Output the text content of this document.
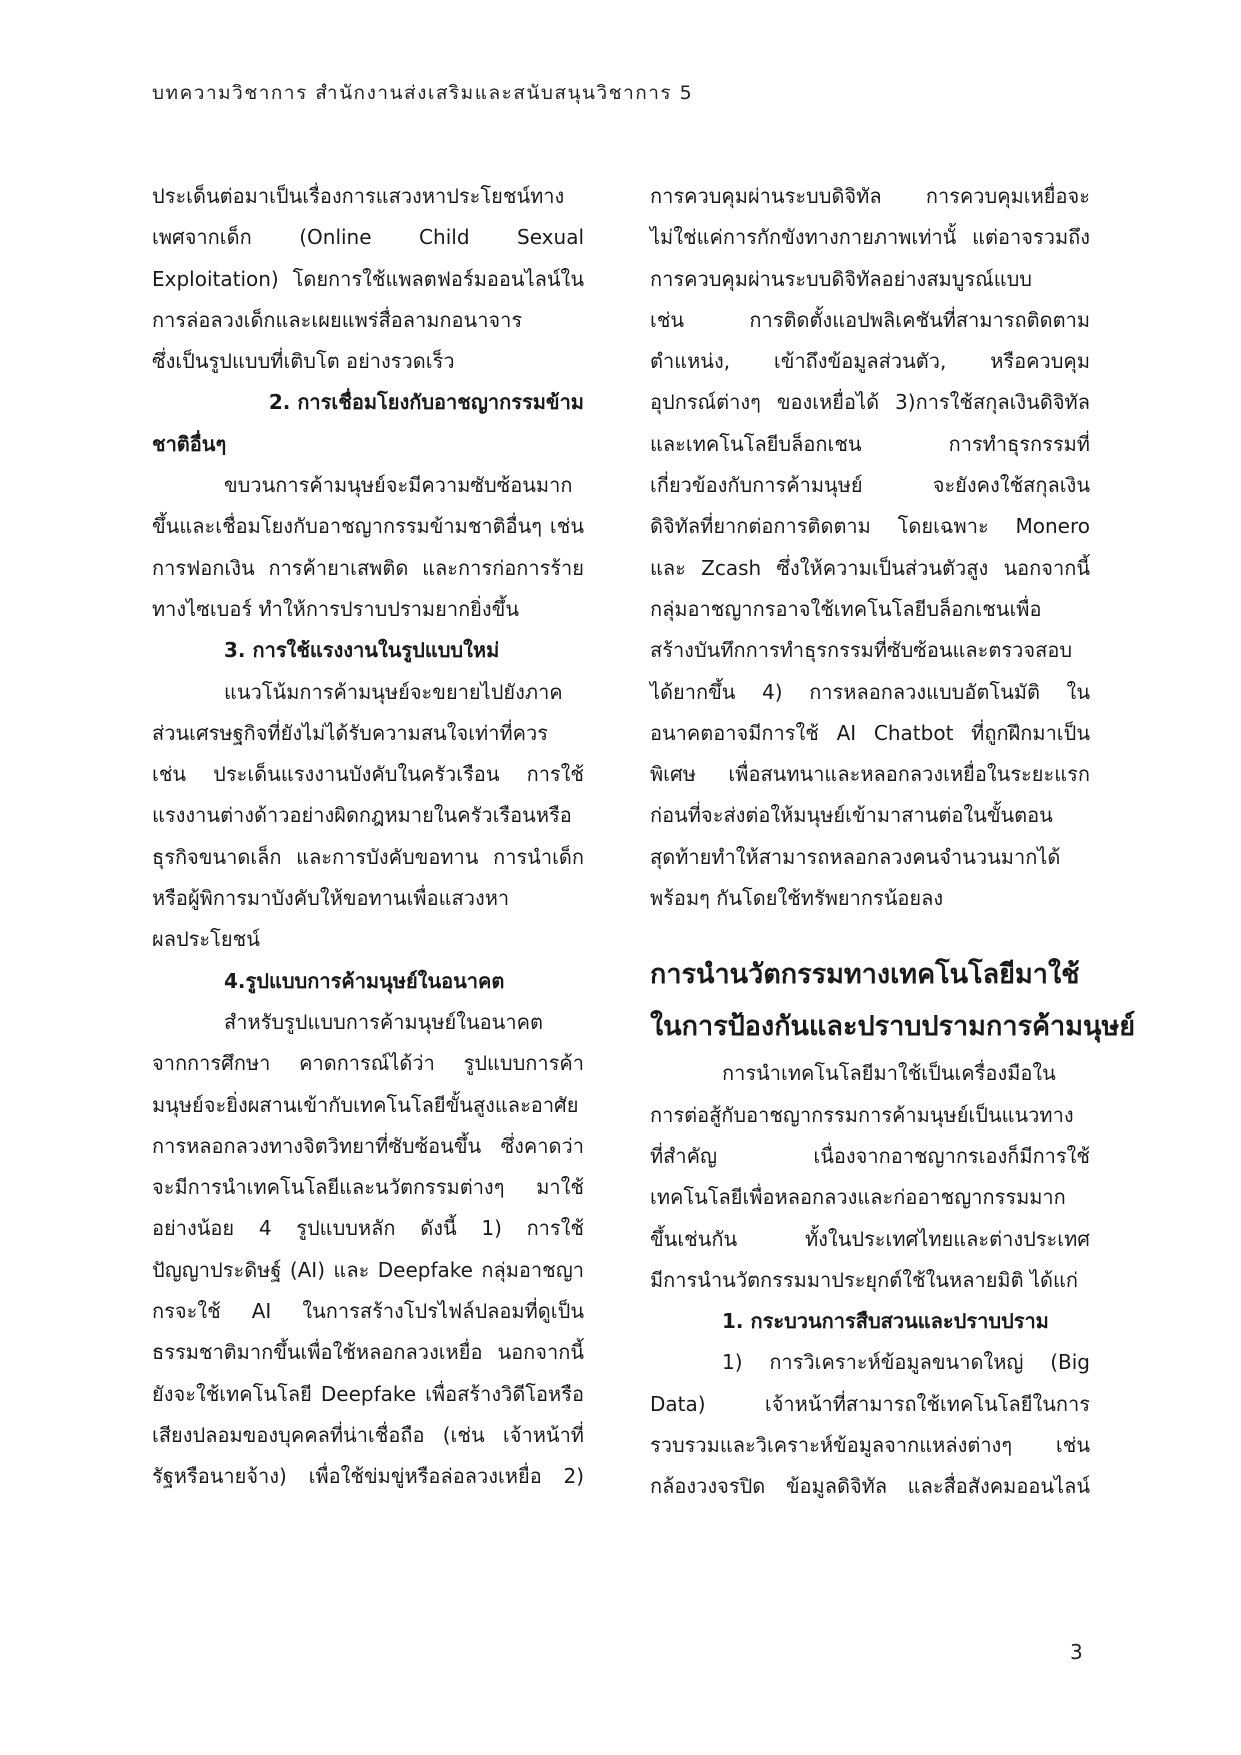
บทความวิชาการ สำนักงานส่งเสริมและสนับสนุนวิชาการ 5
ประเด็นต่อมาเป็นเรื่องการแสวงหาประโยชน์ทาง
เพศจากเด็ก (Online Child Sexual
Exploitation) โดยการใช้แพลตฟอร์มออนไลน์ใน
การล่อลวงเด็กและเผยแพร่สื่อลามกอนาจาร
ซึ่งเป็นรูปแบบที่เติบโต อย่างรวดเร็ว
2. การเชื่อมโยงกับอาชญากรรมข้าม
ชาติอื่นๆ
ขบวนการค้ามนุษย์จะมีความซับซ้อนมาก
ขึ้นและเชื่อมโยงกับอาชญากรรมข้ามชาติอื่นๆ เช่น
การฟอกเงิน การค้ายาเสพติด และการก่อการร้าย
ทางไซเบอร์ ทำให้การปราบปรามยากยิ่งขึ้น
3. การใช้แรงงานในรูปแบบใหม่
แนวโน้มการค้ามนุษย์จะขยายไปยังภาค
ส่วนเศรษฐกิจที่ยังไม่ได้รับความสนใจเท่าที่ควร
เช่น ประเด็นแรงงานบังคับในครัวเรือน การใช้
แรงงานต่างด้าวอย่างผิดกฎหมายในครัวเรือนหรือ
ธุรกิจขนาดเล็ก และการบังคับขอทาน การนำเด็ก
หรือผู้พิการมาบังคับให้ขอทานเพื่อแสวงหา
ผลประโยชน์
4.รูปแบบการค้ามนุษย์ในอนาคต
สำหรับรูปแบบการค้ามนุษย์ในอนาคต
จากการศึกษา คาดการณ์ได้ว่า รูปแบบการค้า
มนุษย์จะยิ่งผสานเข้ากับเทคโนโลยีขั้นสูงและอาศัย
การหลอกลวงทางจิตวิทยาที่ซับซ้อนขึ้น ซึ่งคาดว่า
จะมีการนำเทคโนโลยีและนวัตกรรมต่างๆ มาใช้
อย่างน้อย 4 รูปแบบหลัก ดังนี้ 1) การใช้
ปัญญาประดิษฐ์ (AI) และ Deepfake กลุ่มอาชญา
กรจะใช้ AI ในการสร้างโปรไฟล์ปลอมที่ดูเป็น
ธรรมชาติมากขึ้นเพื่อใช้หลอกลวงเหยื่อ นอกจากนี้
ยังจะใช้เทคโนโลยี Deepfake เพื่อสร้างวิดีโอหรือ
เสียงปลอมของบุคคลที่น่าเชื่อถือ (เช่น เจ้าหน้าที่
รัฐหรือนายจ้าง) เพื่อใช้ข่มขู่หรือล่อลวงเหยื่อ 2)
การควบคุมผ่านระบบดิจิทัล การควบคุมเหยื่อจะ
ไม่ใช่แค่การกักขังทางกายภาพเท่านั้ แต่อาจรวมถึง
การควบคุมผ่านระบบดิจิทัลอย่างสมบูรณ์แบบ
เช่น การติดตั้งแอปพลิเคชันที่สามารถติดตาม
ตำแหน่ง, เข้าถึงข้อมูลส่วนตัว, หรือควบคุม
อุปกรณ์ต่างๆ ของเหยื่อได้ 3)การใช้สกุลเงินดิจิทัล
และเทคโนโลยีบล็อกเชน การทำธุรกรรมที่
เกี่ยวข้องกับการค้ามนุษย์ จะยังคงใช้สกุลเงิน
ดิจิทัลที่ยากต่อการติดตาม โดยเฉพาะ Monero
และ Zcash ซึ่งให้ความเป็นส่วนตัวสูง นอกจากนี้
กลุ่มอาชญากรอาจใช้เทคโนโลยีบล็อกเชนเพื่อ
สร้างบันทึกการทำธุรกรรมที่ซับซ้อนและตรวจสอบ
ได้ยากขึ้น 4) การหลอกลวงแบบอัตโนมัติ ใน
อนาคตอาจมีการใช้ AI Chatbot ที่ถูกฝึกมาเป็น
พิเศษ เพื่อสนทนาและหลอกลวงเหยื่อในระยะแรก
ก่อนที่จะส่งต่อให้มนุษย์เข้ามาสานต่อในขั้นตอน
สุดท้ายทำให้สามารถหลอกลวงคนจำนวนมากได้
พร้อมๆ กันโดยใช้ทรัพยากรน้อยลง
การนำนวัตกรรมทางเทคโนโลยีมาใช้
ในการป้องกันและปราบปรามการค้ามนุษย์
การนำเทคโนโลยีมาใช้เป็นเครื่องมือใน
การต่อสู้กับอาชญากรรมการค้ามนุษย์เป็นแนวทาง
ที่สำคัญ เนื่องจากอาชญากรเองก็มีการใช้
เทคโนโลยีเพื่อหลอกลวงและก่ออาชญากรรมมาก
ขึ้นเช่นกัน ทั้งในประเทศไทยและต่างประเทศ
มีการนำนวัตกรรมมาประยุกต์ใช้ในหลายมิติ ได้แก่
1. กระบวนการสืบสวนและปราบปราม
1) การวิเคราะห์ข้อมูลขนาดใหญ่ (Big
Data) เจ้าหน้าที่สามารถใช้เทคโนโลยีในการ
รวบรวมและวิเคราะห์ข้อมูลจากแหล่งต่างๆ เช่น
กล้องวงจรปิด ข้อมูลดิจิทัล และสื่อสังคมออนไลน์
3
